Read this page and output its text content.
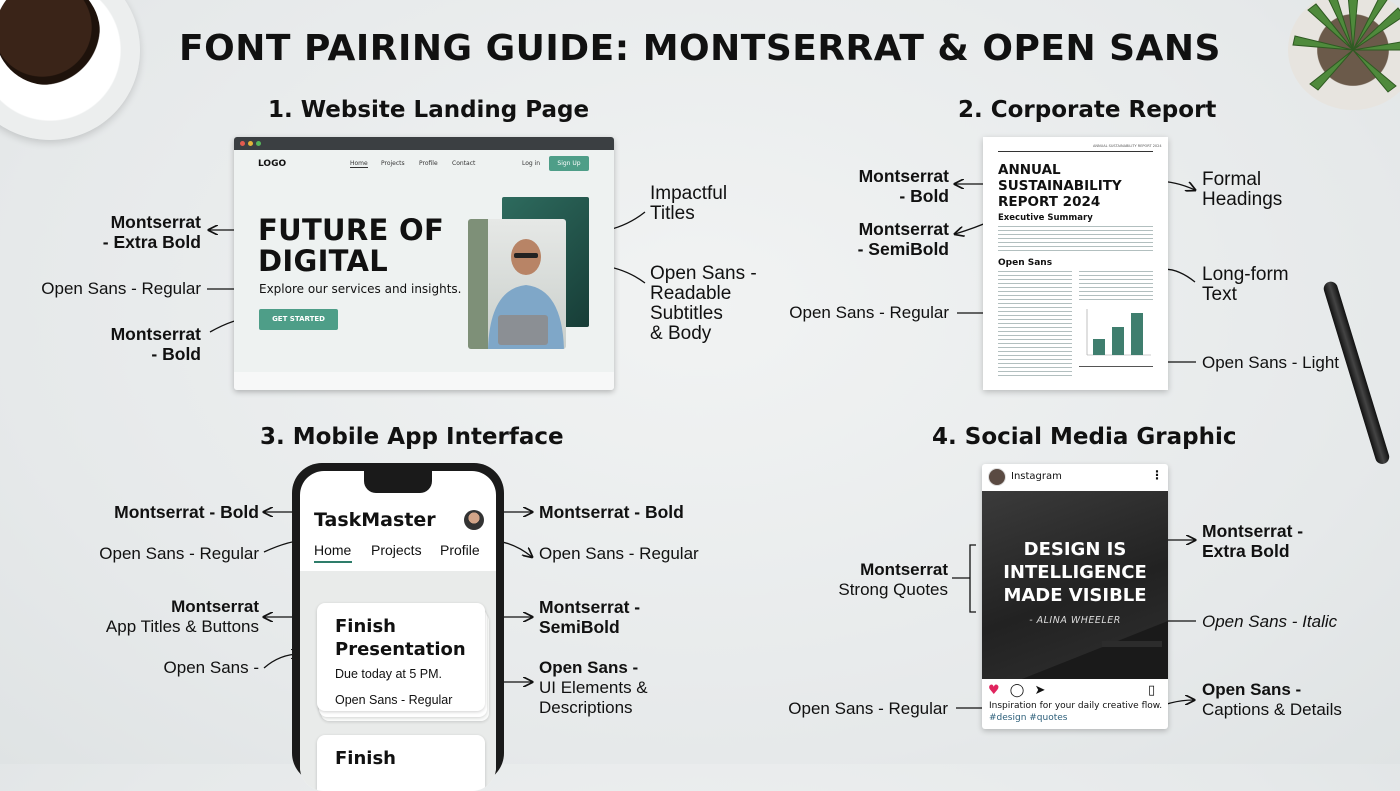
FONT PAIRING GUIDE: MONTSERRAT & OPEN SANS
1. Website Landing Page	2. Corporate Report
3. Mobile App Interface	4. Social Media Graphic
LOGO	Home Projects Profile Contact	Log in	Sign Up
FUTURE OF
DIGITAL
Explore our services and insights.
GET STARTED
Montserrat
- Extra Bold
Open Sans - Regular
Montserrat
- Bold
Impactful
Titles
Open Sans -
Readable
Subtitles
& Body
ANNUAL SUSTAINABILITY REPORT 2024
ANNUAL
SUSTAINABILITY
REPORT 2024
Executive Summary
Open Sans
Montserrat
- Bold
Montserrat
- SemiBold
Open Sans - Regular
Formal
Headings
Long-form
Text
Open Sans - Light
TaskMaster
Home Projects Profile
Finish
Presentation
Due today at 5 PM.
Open Sans - Regular
Finish
Montserrat - Bold
Open Sans - Regular
Montserrat
App Titles & Buttons
Open Sans -
Montserrat - Bold
Open Sans - Regular
Montserrat -
SemiBold
Open Sans -
UI Elements &
Descriptions
Instagram	⋮
DESIGN IS
INTELLIGENCE
MADE VISIBLE
- ALINA WHEELER
♥ ◯ ➤	▯
Inspiration for your daily creative flow.
#design #quotes
Montserrat
Strong Quotes
Open Sans - Regular
Montserrat -
Extra Bold
Open Sans - Italic
Open Sans -
Captions & Details
